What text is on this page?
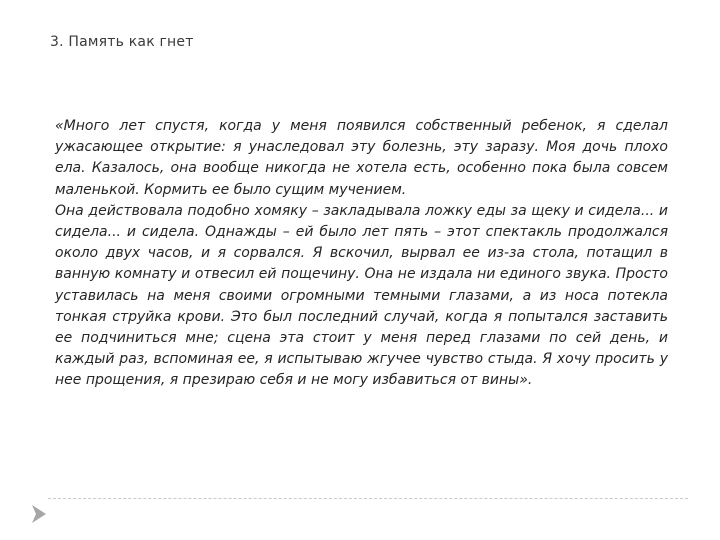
3. Память как гнет

«Много лет спустя, когда у меня появился собственный ребенок, я сделал ужасающее открытие: я унаследовал эту болезнь, эту заразу. Моя дочь плохо ела. Казалось, она вообще никогда не хотела есть, особенно пока была совсем маленькой. Кормить ее было сущим мучением.

Она действовала подобно хомяку – закладывала ложку еды за щеку и сидела... и сидела... и сидела. Однажды – ей было лет пять – этот спектакль продолжался около двух часов, и я сорвался. Я вскочил, вырвал ее из-за стола, потащил в ванную комнату и отвесил ей пощечину. Она не издала ни единого звука. Просто уставилась на меня своими огромными темными глазами, а из носа потекла тонкая струйка крови. Это был последний случай, когда я попытался заставить ее подчиниться мне; сцена эта стоит у меня перед глазами по сей день, и каждый раз, вспоминая ее, я испытываю жгучее чувство стыда. Я хочу просить у нее прощения, я презираю себя и не могу избавиться от вины».
